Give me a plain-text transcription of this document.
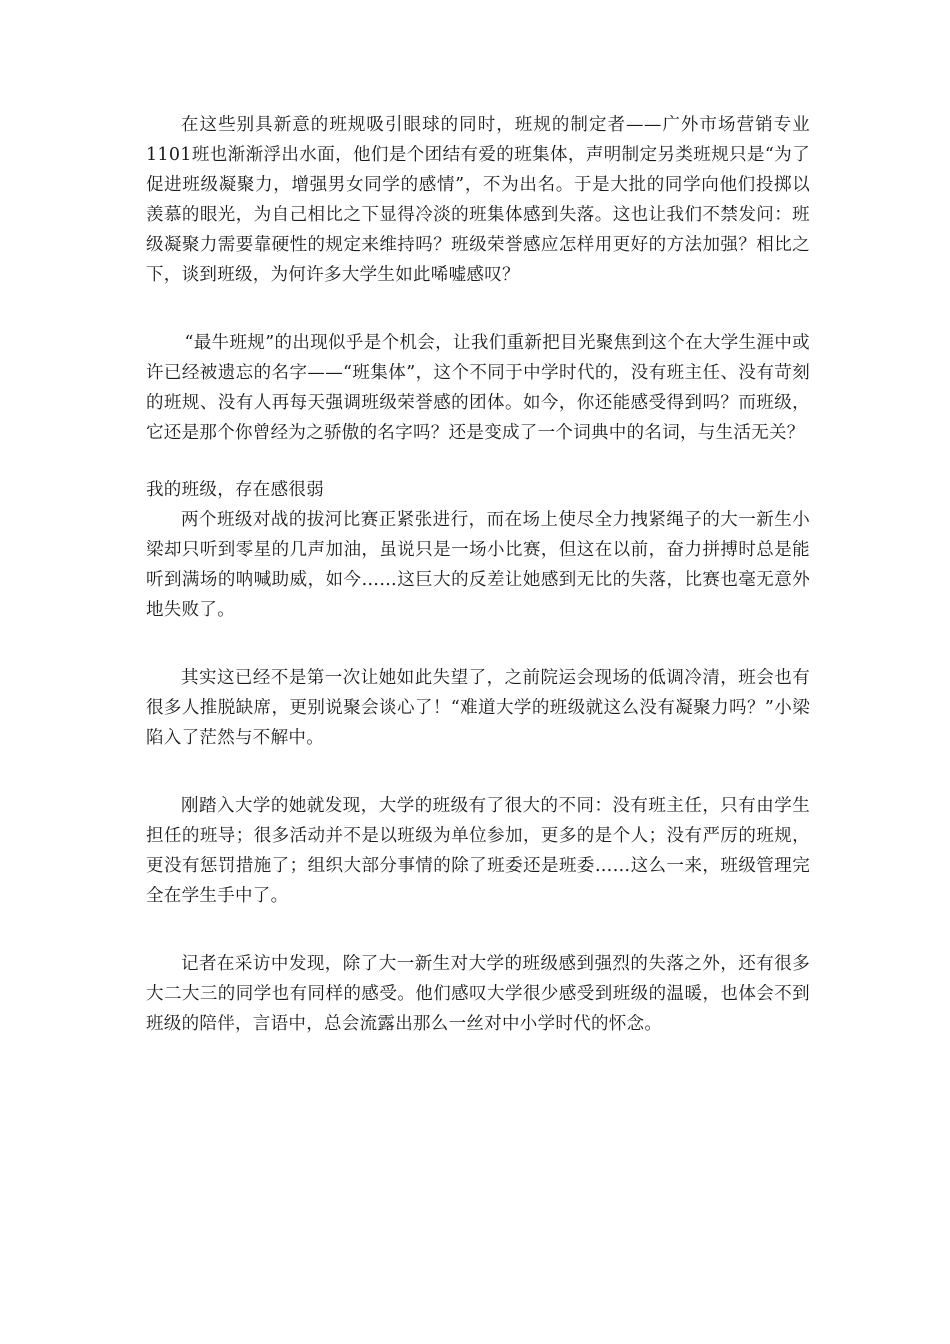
在这些别具新意的班规吸引眼球的同时，班规的制定者——广外市场营销专业1101班也渐渐浮出水面，他们是个团结有爱的班集体，声明制定另类班规只是“为了促进班级凝聚力，增强男女同学的感情”，不为出名。于是大批的同学向他们投掷以羡慕的眼光，为自己相比之下显得冷淡的班集体感到失落。这也让我们不禁发问：班级凝聚力需要靠硬性的规定来维持吗？班级荣誉感应怎样用更好的方法加强？相比之下，谈到班级，为何许多大学生如此唏嘘感叹？

“最牛班规”的出现似乎是个机会，让我们重新把目光聚焦到这个在大学生涯中或许已经被遗忘的名字——“班集体”，这个不同于中学时代的，没有班主任、没有苛刻的班规、没有人再每天强调班级荣誉感的团体。如今，你还能感受得到吗？而班级，它还是那个你曾经为之骄傲的名字吗？还是变成了一个词典中的名词，与生活无关？

我的班级，存在感很弱

两个班级对战的拔河比赛正紧张进行，而在场上使尽全力拽紧绳子的大一新生小梁却只听到零星的几声加油，虽说只是一场小比赛，但这在以前，奋力拼搏时总是能听到满场的呐喊助威，如今……这巨大的反差让她感到无比的失落，比赛也毫无意外地失败了。

其实这已经不是第一次让她如此失望了，之前院运会现场的低调冷清，班会也有很多人推脱缺席，更别说聚会谈心了！“难道大学的班级就这么没有凝聚力吗？”小梁陷入了茫然与不解中。

刚踏入大学的她就发现，大学的班级有了很大的不同：没有班主任，只有由学生担任的班导；很多活动并不是以班级为单位参加，更多的是个人；没有严厉的班规，更没有惩罚措施了；组织大部分事情的除了班委还是班委……这么一来，班级管理完全在学生手中了。

记者在采访中发现，除了大一新生对大学的班级感到强烈的失落之外，还有很多大二大三的同学也有同样的感受。他们感叹大学很少感受到班级的温暖，也体会不到班级的陪伴，言语中，总会流露出那么一丝对中小学时代的怀念。
